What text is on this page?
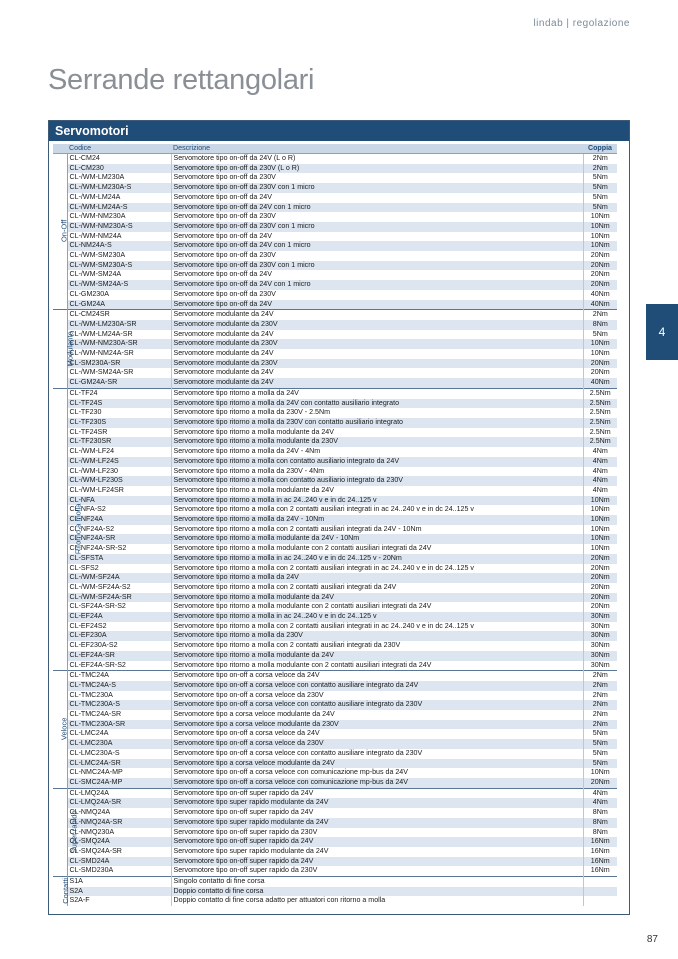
lindab | regolazione
Serrande rettangolari
4
87
Servomotori
	Codice	Descrizione	Coppia
On-Off	CL-CM24	Servomotore tipo on-off da 24V (L o R)	2Nm
	CL-CM230	Servomotore tipo on-off da 230V (L o R)	2Nm
	CL-/WM-LM230A	Servomotore tipo on-off da 230V	5Nm
	CL-/WM-LM230A-S	Servomotore tipo on-off da 230V con 1 micro	5Nm
	CL-/WM-LM24A	Servomotore tipo on-off da 24V	5Nm
	CL-/WM-LM24A-S	Servomotore tipo on-off da 24V con 1 micro	5Nm
	CL-/WM-NM230A	Servomotore tipo on-off da 230V	10Nm
	CL-/WM-NM230A-S	Servomotore tipo on-off da 230V con 1 micro	10Nm
	CL-/WM-NM24A	Servomotore tipo on-off da 24V	10Nm
	CL-NM24A-S	Servomotore tipo on-off da 24V con 1 micro	10Nm
	CL-/WM-SM230A	Servomotore tipo on-off da 230V	20Nm
	CL-/WM-SM230A-S	Servomotore tipo on-off da 230V con 1 micro	20Nm
	CL-/WM-SM24A	Servomotore tipo on-off da 24V	20Nm
	CL-/WM-SM24A-S	Servomotore tipo on-off da 24V con 1 micro	20Nm
	CL-GM230A	Servomotore tipo on-off da 230V	40Nm
	CL-GM24A	Servomotore tipo on-off da 24V	40Nm
Modulante	CL-CM24SR	Servomotore modulante da 24V	2Nm
	CL-/WM-LM230A-SR	Servomotore modulante da 230V	8Nm
	CL-/WM-LM24A-SR	Servomotore modulante da 24V	5Nm
	CL-/WM-NM230A-SR	Servomotore modulante da 230V	10Nm
	CL-/WM-NM24A-SR	Servomotore modulante da 24V	10Nm
	CL-SM230A-SR	Servomotore modulante da 230V	20Nm
	CL-/WM-SM24A-SR	Servomotore modulante da 24V	20Nm
	CL-GM24A-SR	Servomotore modulante da 24V	40Nm
Ritorno a molla	CL-TF24	Servomotore tipo ritorno a molla da 24V	2.5Nm
	CL-TF24S	Servomotore tipo ritorno a molla da 24V con contatto ausiliario integrato	2.5Nm
	CL-TF230	Servomotore tipo ritorno a molla da 230V - 2.5Nm	2.5Nm
	CL-TF230S	Servomotore tipo ritorno a molla da 230V con contatto ausiliario integrato	2.5Nm
	CL-TF24SR	Servomotore tipo ritorno a molla modulante da 24V	2.5Nm
	CL-TF230SR	Servomotore tipo ritorno a molla modulante da 230V	2.5Nm
	CL-/WM-LF24	Servomotore tipo ritorno a molla da 24V - 4Nm	4Nm
	CL-/WM-LF24S	Servomotore tipo ritorno a molla con contatto ausiliario integrato da 24V	4Nm
	CL-/WM-LF230	Servomotore tipo ritorno a molla da 230V - 4Nm	4Nm
	CL-/WM-LF230S	Servomotore tipo ritorno a molla con contatto ausiliario integrato da 230V	4Nm
	CL-/WM-LF24SR	Servomotore tipo ritorno a molla modulante da 24V	4Nm
	CL-NFA	Servomotore tipo ritorno a molla in ac 24..240 v e in dc 24..125 v	10Nm
	CL-NFA-S2	Servomotore tipo ritorno a molla con 2 contatti ausiliari integrati in ac 24..240 v e in dc 24..125 v	10Nm
	CL-NF24A	Servomotore tipo ritorno a molla da 24V - 10Nm	10Nm
	CL-NF24A-S2	Servomotore tipo ritorno a molla con 2 contatti ausiliari integrati da 24V - 10Nm	10Nm
	CL-NF24A-SR	Servomotore tipo ritorno a molla modulante da 24V - 10Nm	10Nm
	CL-NF24A-SR-S2	Servomotore tipo ritorno a molla modulante con 2 contatti ausiliari integrati da 24V	10Nm
	CL-SFSTA	Servomotore tipo ritorno a molla in ac 24..240 v e in dc 24..125 v - 20Nm	20Nm
	CL-SFS2	Servomotore tipo ritorno a molla con 2 contatti ausiliari integrati in ac 24..240 v e in dc 24..125 v	20Nm
	CL-/WM-SF24A	Servomotore tipo ritorno a molla da 24V	20Nm
	CL-/WM-SF24A-S2	Servomotore tipo ritorno a molla con 2 contatti ausiliari integrati da 24V	20Nm
	CL-/WM-SF24A-SR	Servomotore tipo ritorno a molla modulante da 24V	20Nm
	CL-SF24A-SR-S2	Servomotore tipo ritorno a molla modulante con 2 contatti ausiliari integrati da 24V	20Nm
	CL-EF24A	Servomotore tipo ritorno a molla in ac 24..240 v e in dc 24..125 v	30Nm
	CL-EF24S2	Servomotore tipo ritorno a molla con 2 contatti ausiliari integrati in ac 24..240 v e in dc 24..125 v	30Nm
	CL-EF230A	Servomotore tipo ritorno a molla da 230V	30Nm
	CL-EF230A-S2	Servomotore tipo ritorno a molla con 2 contatti ausiliari integrati da 230V	30Nm
	CL-EF24A-SR	Servomotore tipo ritorno a molla modulante da 24V	30Nm
	CL-EF24A-SR-S2	Servomotore tipo ritorno a molla modulante con 2 contatti ausiliari integrati da 24V	30Nm
Veloce	CL-TMC24A	Servomotore tipo on-off a corsa veloce da 24V	2Nm
	CL-TMC24A-S	Servomotore tipo on-off a corsa veloce con contatto ausiliare integrato da 24V	2Nm
	CL-TMC230A	Servomotore tipo on-off a corsa veloce da 230V	2Nm
	CL-TMC230A-S	Servomotore tipo on-off a corsa veloce con contatto ausiliare integrato da 230V	2Nm
	CL-TMC24A-SR	Servomotore tipo a corsa veloce modulante da 24V	2Nm
	CL-TMC230A-SR	Servomotore tipo a corsa veloce modulante da 230V	2Nm
	CL-LMC24A	Servomotore tipo on-off a corsa veloce da 24V	5Nm
	CL-LMC230A	Servomotore tipo on-off a corsa veloce da 230V	5Nm
	CL-LMC230A-S	Servomotore tipo on-off a corsa veloce con contatto ausiliare integrato da 230V	5Nm
	CL-LMC24A-SR	Servomotore tipo a corsa veloce modulante da 24V	5Nm
	CL-NMC24A-MP	Servomotore tipo on-off a corsa veloce con comunicazione mp-bus da 24V	10Nm
	CL-SMC24A-MP	Servomotore tipo on-off a corsa veloce con comunicazione mp-bus da 24V	20Nm
Super rapido	CL-LMQ24A	Servomotore tipo on-off super rapido da 24V	4Nm
	CL-LMQ24A-SR	Servomotore tipo super rapido modulante da 24V	4Nm
	CL-NMQ24A	Servomotore tipo on-off super rapido da 24V	8Nm
	CL-NMQ24A-SR	Servomotore tipo super rapido modulante da 24V	8Nm
	CL-NMQ230A	Servomotore tipo on-off super rapido da 230V	8Nm
	CL-SMQ24A	Servomotore tipo on-off super rapido da 24V	16Nm
	CL-SMQ24A-SR	Servomotore tipo super rapido modulante da 24V	16Nm
	CL-SMD24A	Servomotore tipo on-off super rapido da 24V	16Nm
	CL-SMD230A	Servomotore tipo on-off super rapido da 230V	16Nm
Contatti	S1A	Singolo contatto di fine corsa	
	S2A	Doppio contatto di fine corsa	
	S2A-F	Doppio contatto di fine corsa adatto per attuatori con ritorno a molla	
